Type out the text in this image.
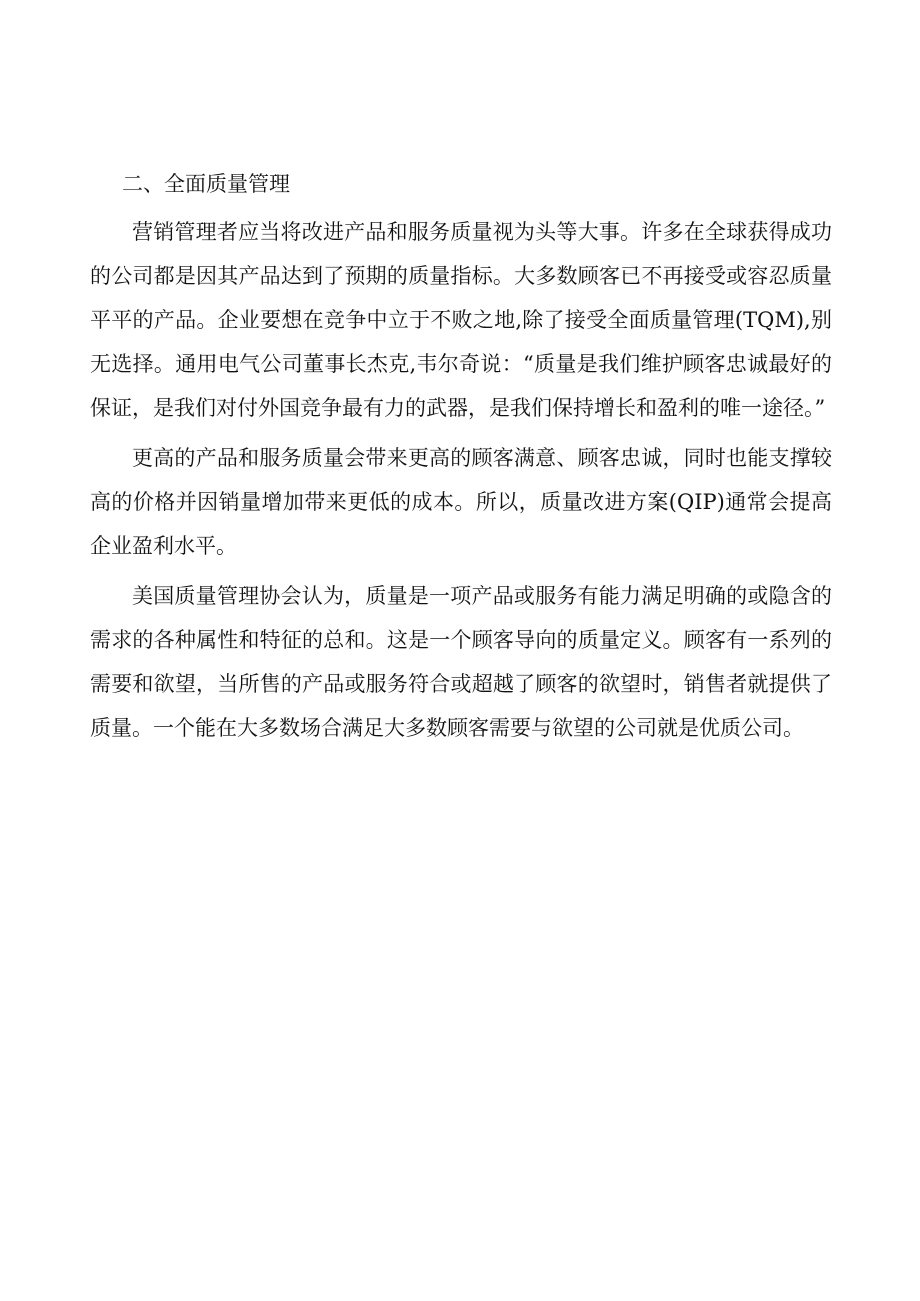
二、全面质量管理

营销管理者应当将改进产品和服务质量视为头等大事。许多在全球获得成功的公司都是因其产品达到了预期的质量指标。大多数顾客已不再接受或容忍质量平平的产品。企业要想在竞争中立于不败之地,除了接受全面质量管理(TQM),别无选择。通用电气公司董事长杰克,韦尔奇说：“质量是我们维护顾客忠诚最好的保证，是我们对付外国竞争最有力的武器，是我们保持增长和盈利的唯一途径。”

更高的产品和服务质量会带来更高的顾客满意、顾客忠诚，同时也能支撑较高的价格并因销量增加带来更低的成本。所以，质量改进方案(QIP)通常会提高企业盈利水平。

美国质量管理协会认为，质量是一项产品或服务有能力满足明确的或隐含的需求的各种属性和特征的总和。这是一个顾客导向的质量定义。顾客有一系列的需要和欲望，当所售的产品或服务符合或超越了顾客的欲望时，销售者就提供了质量。一个能在大多数场合满足大多数顾客需要与欲望的公司就是优质公司。
